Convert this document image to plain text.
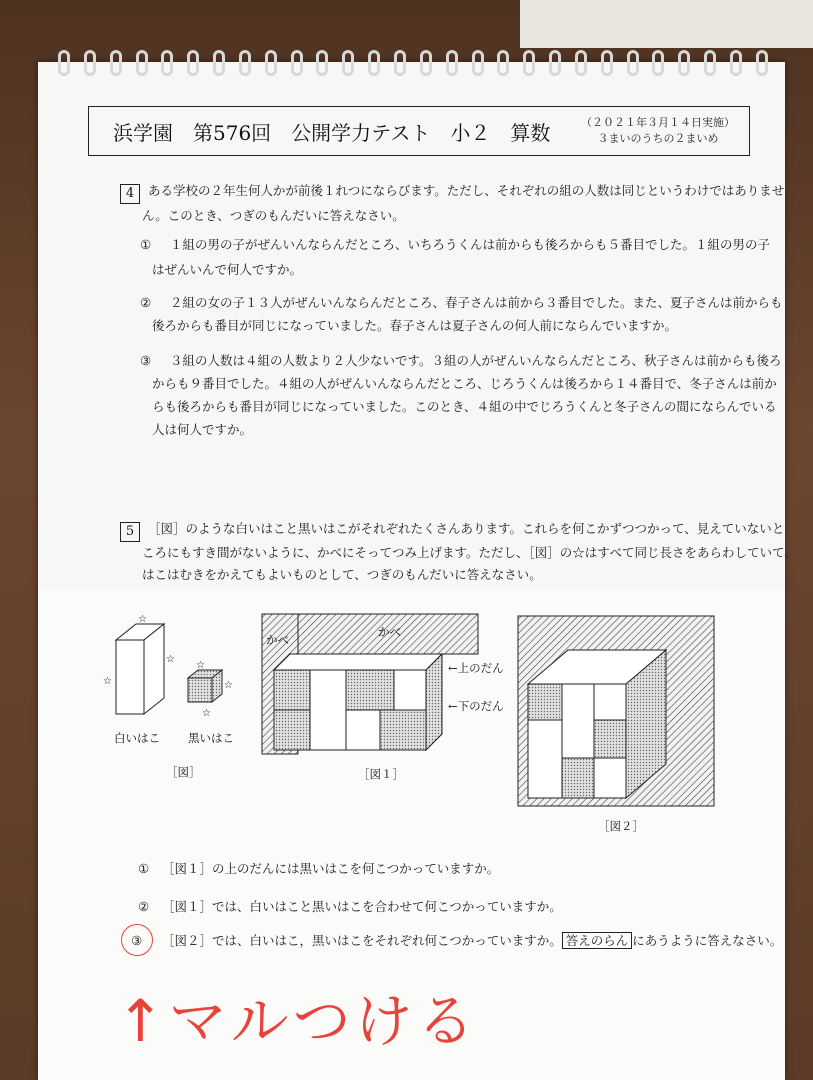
浜学園　第576回　公開学力テスト　小２　算数	（２０２１年３月１４日実施）
３まいのうちの２まいめ
4	ある学校の２年生何人かが前後１れつにならびます。ただし、それぞれの組の人数は同じというわけではありませ
ん。このとき、つぎのもんだいに答えなさい。
① １組の男の子がぜんいんならんだところ、いちろうくんは前からも後ろからも５番目でした。１組の男の子
はぜんいんで何人ですか。
② ２組の女の子１３人がぜんいんならんだところ、春子さんは前から３番目でした。また、夏子さんは前からも
後ろからも番目が同じになっていました。春子さんは夏子さんの何人前にならんでいますか。
③ ３組の人数は４組の人数より２人少ないです。３組の人がぜんいんならんだところ、秋子さんは前からも後ろ
からも９番目でした。４組の人がぜんいんならんだところ、じろうくんは後ろから１４番目で、冬子さんは前か
らも後ろからも番目が同じになっていました。このとき、４組の中でじろうくんと冬子さんの間にならんでいる
人は何人ですか。
5	［図］のような白いはこと黒いはこがそれぞれたくさんあります。これらを何こかずつつかって、見えていないと
ころにもすき間がないように、かべにそってつみ上げます。ただし、［図］の☆はすべて同じ長さをあらわしていて、
はこはむきをかえてもよいものとして、つぎのもんだいに答えなさい。
☆
☆
☆
☆
☆
☆
白いはこ 黒いはこ
［図］
かべ
かべ
←上のだん
←下のだん
［図１］
［図２］
① ［図１］の上のだんには黒いはこを何こつかっていますか。
② ［図１］では、白いはこと黒いはこを合わせて何こつかっていますか。
③ ［図２］では、白いはこ，黒いはこをそれぞれ何こつかっていますか。 答えのらん にあうように答えなさい。
↑マルつける
